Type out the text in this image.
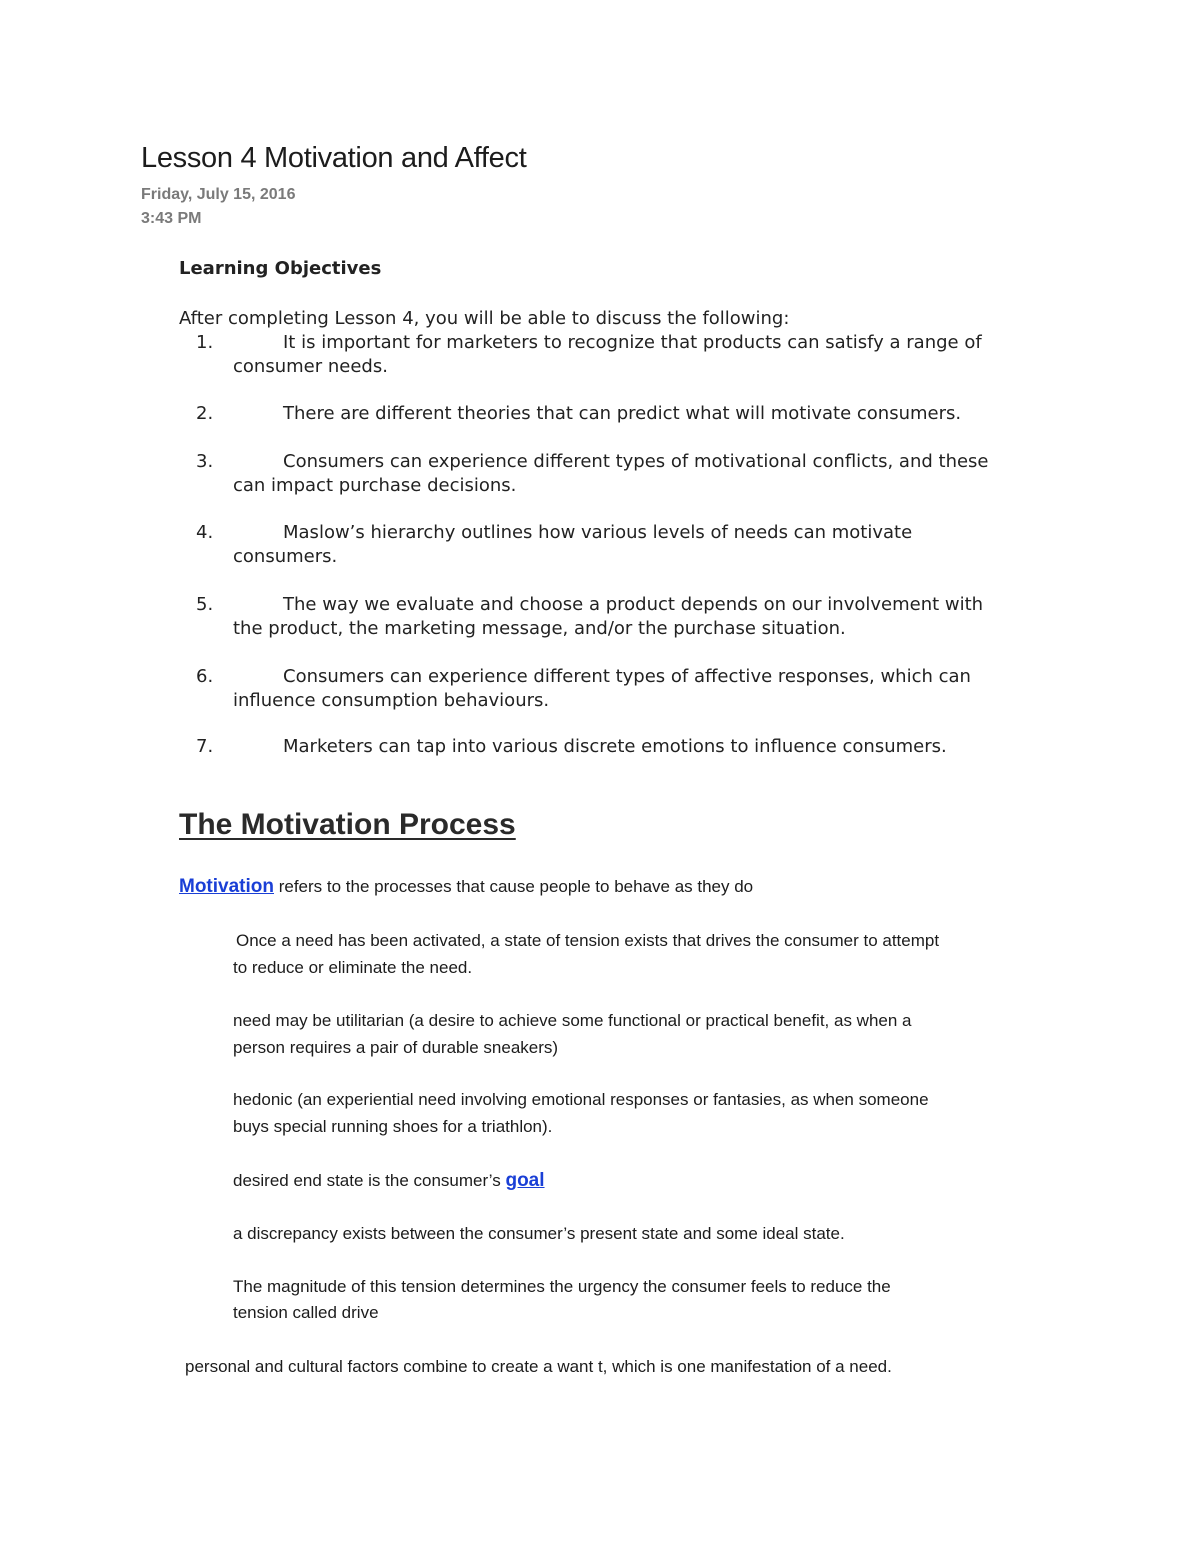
Lesson 4 Motivation and Affect
Friday, July 15, 2016
3:43 PM
Learning Objectives
After completing Lesson 4, you will be able to discuss the following:
1.	It is important for marketers to recognize that products can satisfy a range of
consumer needs.
2.	There are different theories that can predict what will motivate consumers.
3.	Consumers can experience different types of motivational conflicts, and these
can impact purchase decisions.
4.	Maslow’s hierarchy outlines how various levels of needs can motivate
consumers.
5.	The way we evaluate and choose a product depends on our involvement with
the product, the marketing message, and/or the purchase situation.
6.	Consumers can experience different types of affective responses, which can
influence consumption behaviours.
7.	Marketers can tap into various discrete emotions to influence consumers.
The Motivation Process
Motivation refers to the processes that cause people to behave as they do
Once a need has been activated, a state of tension exists that drives the consumer to attempt
to reduce or eliminate the need.
need may be utilitarian (a desire to achieve some functional or practical benefit, as when a
person requires a pair of durable sneakers)
hedonic (an experiential need involving emotional responses or fantasies, as when someone
buys special running shoes for a triathlon).
desired end state is the consumer’s goal
a discrepancy exists between the consumer’s present state and some ideal state.
The magnitude of this tension determines the urgency the consumer feels to reduce the
tension called drive
personal and cultural factors combine to create a want t, which is one manifestation of a need.
